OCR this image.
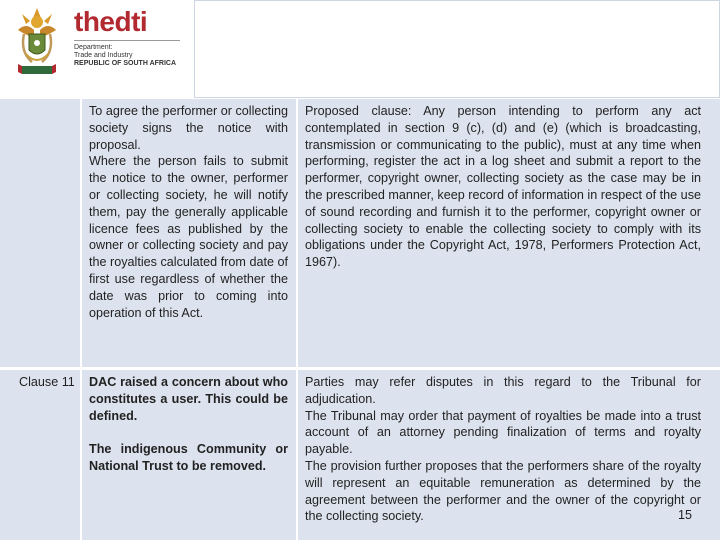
thedti
Department:
Trade and Industry
REPUBLIC OF SOUTH AFRICA
To agree the performer or collecting society signs the notice with proposal.
Where the person fails to submit the notice to the owner, performer or collecting society, he will notify them, pay the generally applicable licence fees as published by the owner or collecting society and pay the royalties calculated from date of first use regardless of whether the date was prior to coming into operation of this Act.
Proposed clause: Any person intending to perform any act contemplated in section 9 (c), (d) and (e) (which is broadcasting, transmission or communicating to the public), must at any time when performing, register the act in a log sheet and submit a report to the performer, copyright owner, collecting society as the case may be in the prescribed manner, keep record of information in respect of the use of sound recording and furnish it to the performer, copyright owner or collecting society to enable the collecting society to comply with its obligations under the Copyright Act, 1978, Performers Protection Act, 1967).
Clause 11 DAC raised a concern about who constitutes a user. This could be defined.
The indigenous Community or National Trust to be removed.
Parties may refer disputes in this regard to the Tribunal for adjudication.
The Tribunal may order that payment of royalties be made into a trust account of an attorney pending finalization of terms and royalty payable.
The provision further proposes that the performers share of the royalty will represent an equitable remuneration as determined by the agreement between the performer and the owner of the copyright or the collecting society.	15
